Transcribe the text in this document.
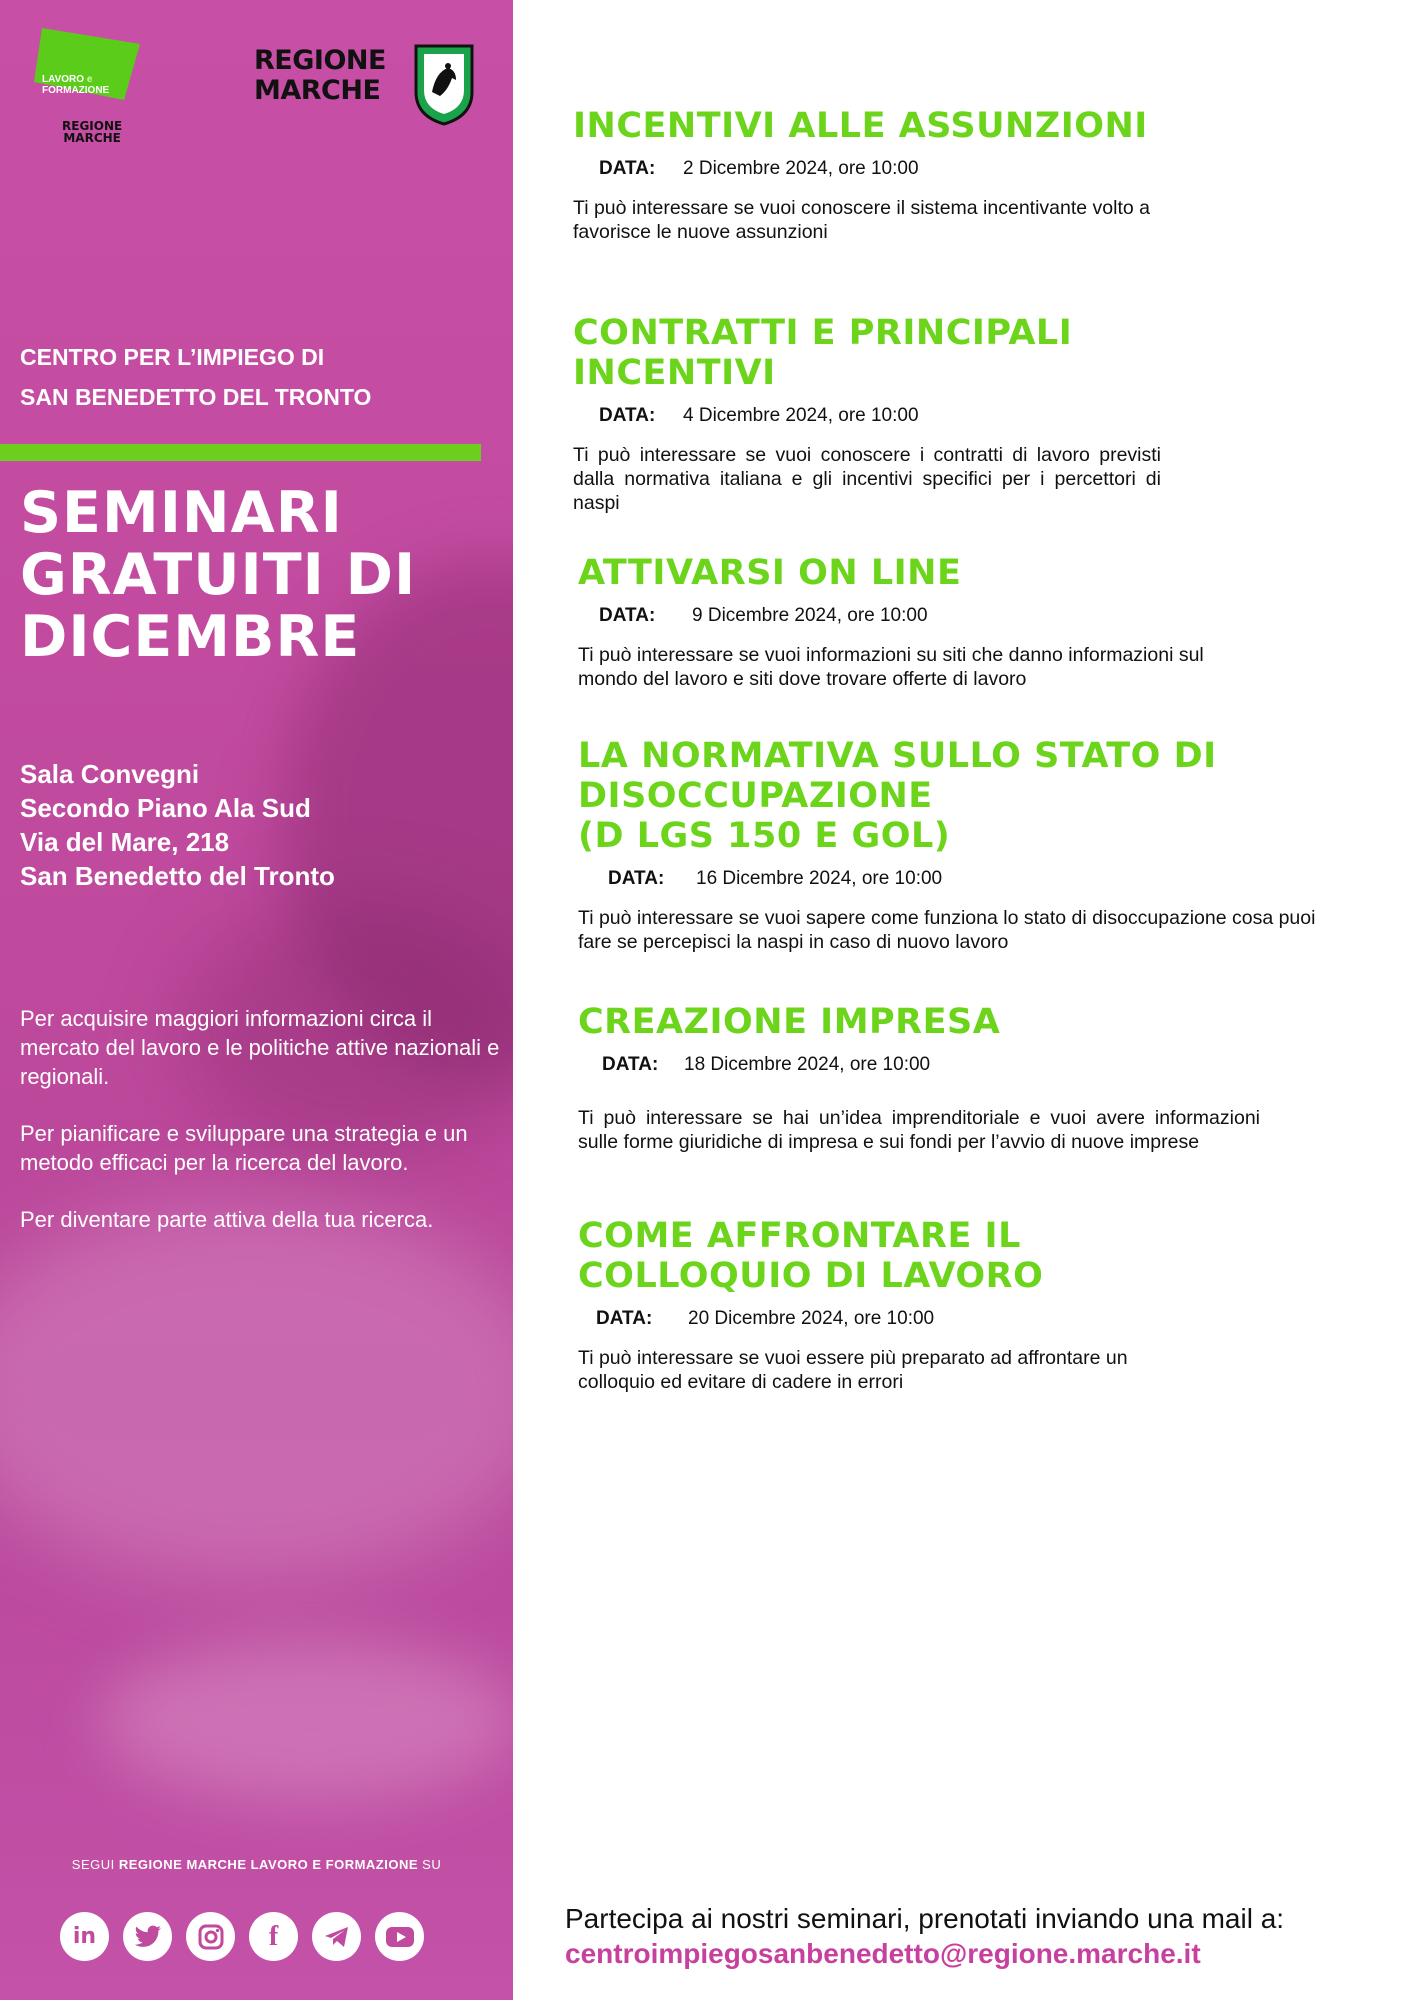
LAVORO e
FORMAZIONE
REGIONE
MARCHE
REGIONE
MARCHE
CENTRO PER L’IMPIEGO DI
SAN BENEDETTO DEL TRONTO
SEMINARI
GRATUITI DI
DICEMBRE
Sala Convegni
Secondo Piano Ala Sud
Via del Mare, 218
San Benedetto del Tronto

Per acquisire maggiori informazioni circa il mercato del lavoro e le politiche attive nazionali e regionali.

Per pianificare e sviluppare una strategia e un metodo efficaci per la ricerca del lavoro.

Per diventare parte attiva della tua ricerca.

SEGUI REGIONE MARCHE LAVORO E FORMAZIONE SU
in	f
INCENTIVI ALLE ASSUNZIONI
DATA: 2 Dicembre 2024, ore 10:00
Ti può interessare se vuoi conoscere il sistema incentivante volto a favorisce le nuove assunzioni
CONTRATTI E PRINCIPALI
INCENTIVI
DATA: 4 Dicembre 2024, ore 10:00
Ti può interessare se vuoi conoscere i contratti di lavoro previsti dalla normativa italiana e gli incentivi specifici per i percettori di naspi
ATTIVARSI ON LINE
DATA: 9 Dicembre 2024, ore 10:00
Ti può interessare se vuoi informazioni su siti che danno informazioni sul mondo del lavoro e siti dove trovare offerte di lavoro
LA NORMATIVA SULLO STATO DI
DISOCCUPAZIONE
(D LGS 150 E GOL)
DATA: 16 Dicembre 2024, ore 10:00
Ti può interessare se vuoi sapere come funziona lo stato di disoccupazione cosa puoi fare se percepisci la naspi in caso di nuovo lavoro
CREAZIONE IMPRESA
DATA: 18 Dicembre 2024, ore 10:00
Ti può interessare se hai un’idea imprenditoriale e vuoi avere informazioni sulle forme giuridiche di impresa e sui fondi per l’avvio di nuove imprese
COME AFFRONTARE IL
COLLOQUIO DI LAVORO
DATA: 20 Dicembre 2024, ore 10:00
Ti può interessare se vuoi essere più preparato ad affrontare un colloquio ed evitare di cadere in errori
Partecipa ai nostri seminari, prenotati inviando una mail a:
centroimpiegosanbenedetto@regione.marche.it
